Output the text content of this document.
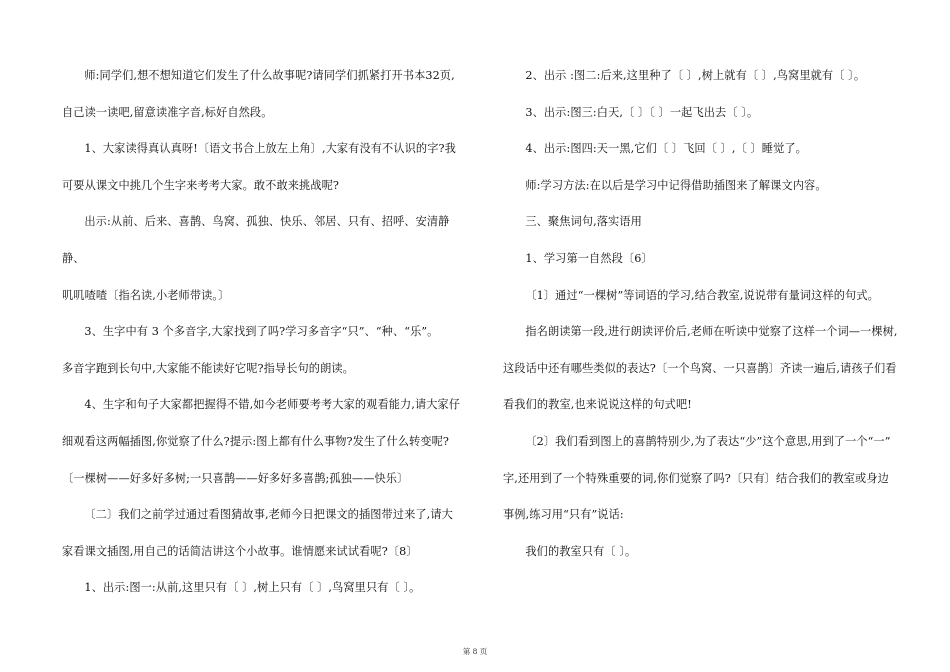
师:同学们,想不想知道它们发生了什么故事呢?请同学们抓紧打开书本32页,

自己读一读吧,留意读准字音,标好自然段。

1、大家读得真认真呀!〔语文书合上放左上角〕,大家有没有不认识的字?我

可要从课文中挑几个生字来考考大家。敢不敢来挑战呢?

出示:从前、后来、喜鹊、鸟窝、孤独、快乐、邻居、只有、招呼、安清静静、

叽叽喳喳〔指名读,小老师带读。〕

3、生字中有 3 个多音字,大家找到了吗?学习多音字“只”、“种、“乐”。

多音字跑到长句中,大家能不能读好它呢?指导长句的朗读。

4、生字和句子大家都把握得不错,如今老师要考考大家的观看能力,请大家仔

细观看这两幅插图,你觉察了什么?提示:图上都有什么事物?发生了什么转变呢?

〔一棵树——好多好多树;一只喜鹊——好多好多喜鹊;孤独——快乐〕

〔二〕我们之前学过通过看图猜故事,老师今日把课文的插图带过来了,请大

家看课文插图,用自己的话简洁讲这个小故事。谁情愿来试试看呢?〔8〕

1、出示:图一:从前,这里只有〔 〕,树上只有〔 〕,鸟窝里只有〔 〕。

2、出示 :图二:后来,这里种了〔 〕,树上就有〔 〕,鸟窝里就有〔 〕。

3、出示:图三:白天,〔 〕〔 〕一起飞出去〔 〕。

4、出示:图四:天一黑,它们〔 〕飞回〔 〕,〔 〕睡觉了。

师:学习方法:在以后是学习中记得借助插图来了解课文内容。

三、聚焦词句,落实语用

1、学习第一自然段〔6〕

〔1〕通过“一棵树”等词语的学习,结合教室,说说带有量词这样的句式。

指名朗读第一段,进行朗读评价后,老师在听读中觉察了这样一个词—一棵树,

这段话中还有哪些类似的表达?〔一个鸟窝、一只喜鹊〕齐读一遍后,请孩子们看

看我们的教室,也来说说这样的句式吧!

〔2〕我们看到图上的喜鹊特别少,为了表达“少”这个意思,用到了一个“一”

字,还用到了一个特殊重要的词,你们觉察了吗?〔只有〕结合我们的教室或身边

事例,练习用“只有”说话:

我们的教室只有〔 〕。

第 8 页
